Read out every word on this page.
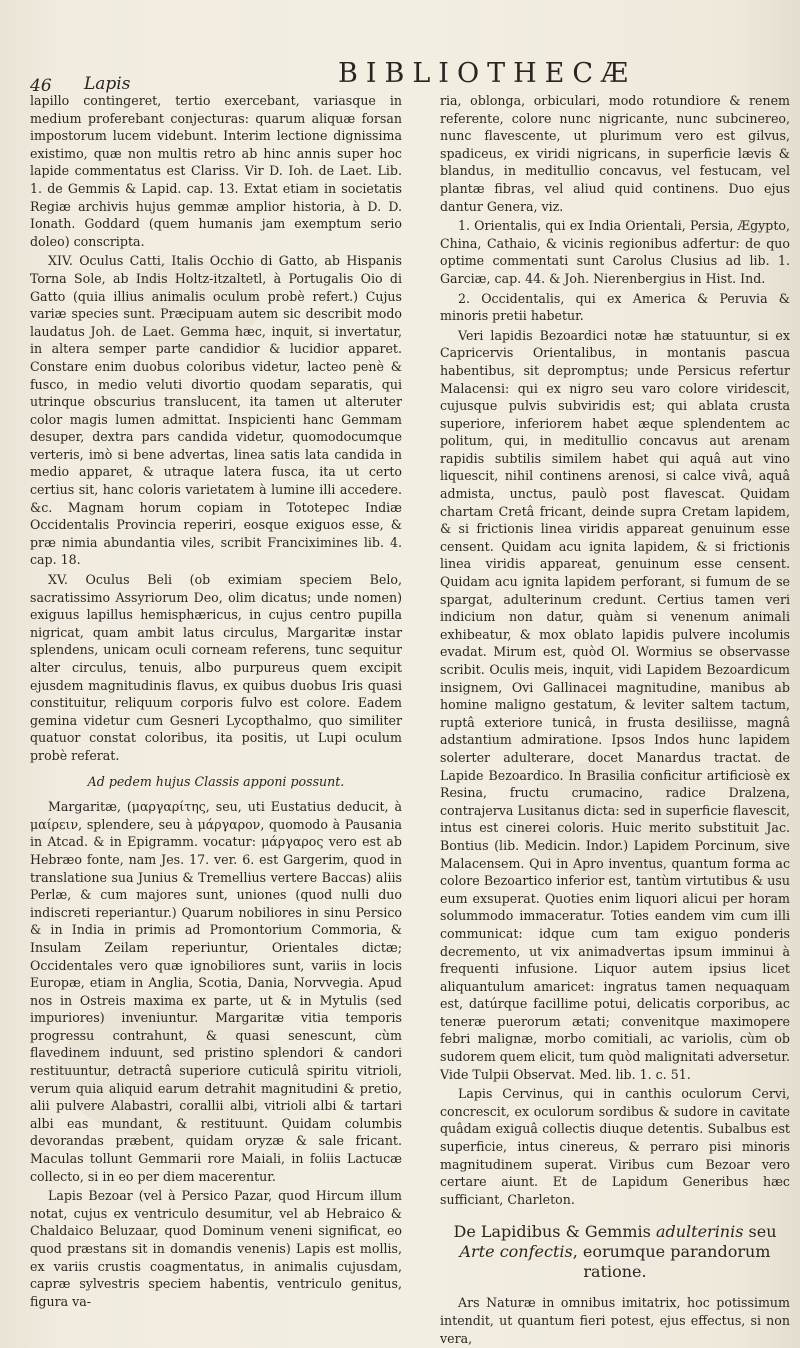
46 Lapis	BIBLIOTHECÆ

lapillo contingeret, tertio exercebant, variasque in medium proferebant conjecturas: quarum aliquæ forsan impostorum lucem videbunt. Interim lectione dignissima existimo, quæ non multis retro ab hinc annis super hoc lapide commentatus est Clariss. Vir D. Ioh. de Laet. Lib. 1. de Gemmis & Lapid. cap. 13. Extat etiam in societatis Regiæ archivis hujus gemmæ amplior historia, à D. D. Ionath. Goddard (quem humanis jam exemptum serio doleo) conscripta.

XIV. Oculus Catti, Italis Occhio di Gatto, ab Hispanis Torna Sole, ab Indis Holtz-itzaltetl, à Portugalis Oio di Gatto (quia illius animalis oculum probè refert.) Cujus variæ species sunt. Præcipuam autem sic describit modo laudatus Joh. de Laet. Gemma hæc, inquit, si invertatur, in altera semper parte candidior & lucidior apparet. Constare enim duobus coloribus videtur, lacteo penè & fusco, in medio veluti divortio quodam separatis, qui utrinque obscurius translucent, ita tamen ut alteruter color magis lumen admittat. Inspicienti hanc Gemmam desuper, dextra pars candida videtur, quomodocumque verteris, imò si bene advertas, linea satis lata candida in medio apparet, & utraque latera fusca, ita ut certo certius sit, hanc coloris varietatem à lumine illi accedere. &c. Magnam horum copiam in Tototepec Indiæ Occidentalis Provincia reperiri, eosque exiguos esse, & præ nimia abundantia viles, scribit Franciximines lib. 4. cap. 18.

XV. Oculus Beli (ob eximiam speciem Belo, sacratissimo Assyriorum Deo, olim dicatus; unde nomen) exiguus lapillus hemisphæricus, in cujus centro pupilla nigricat, quam ambit latus circulus, Margaritæ instar splendens, unicam oculi corneam referens, tunc sequitur alter circulus, tenuis, albo purpureus quem excipit ejusdem magnitudinis flavus, ex quibus duobus Iris quasi constituitur, reliquum corporis fulvo est colore. Eadem gemina videtur cum Gesneri Lycopthalmo, quo similiter quatuor constat coloribus, ita positis, ut Lupi oculum probè referat.

Ad pedem hujus Classis apponi possunt.

Margaritæ, (μαργαρίτης, seu, uti Eustatius deducit, à μαίρειν, splendere, seu à μάργαρον, quomodo à Pausania in Atcad. & in Epigramm. vocatur: μάργαρος vero est ab Hebræo fonte, nam Jes. 17. ver. 6. est Gargerim, quod in translatione sua Junius & Tremellius vertere Baccas) aliis Perlæ, & cum majores sunt, uniones (quod nulli duo indiscreti reperiantur.) Quarum nobiliores in sinu Persico & in India in primis ad Promontorium Commoria, & Insulam Zeilam reperiuntur, Orientales dictæ; Occidentales vero quæ ignobiliores sunt, variis in locis Europæ, etiam in Anglia, Scotia, Dania, Norvvegia. Apud nos in Ostreis maxima ex parte, ut & in Mytulis (sed impuriores) inveniuntur. Margaritæ vitia temporis progressu contrahunt, & quasi senescunt, cùm flavedinem induunt, sed pristino splendori & candori restituuntur, detractâ superiore cuticulâ spiritu vitrioli, verum quia aliquid earum detrahit magnitudini & pretio, alii pulvere Alabastri, corallii albi, vitrioli albi & tartari albi eas mundant, & restituunt. Quidam columbis devorandas præbent, quidam oryzæ & sale fricant. Maculas tollunt Gemmarii rore Maiali, in foliis Lactucæ collecto, si in eo per diem macerentur.

Lapis Bezoar (vel à Persico Pazar, quod Hircum illum notat, cujus ex ventriculo desumitur, vel ab Hebraico & Chaldaico Beluzaar, quod Dominum veneni significat, eo quod præstans sit in domandis venenis) Lapis est mollis, ex variis crustis coagmentatus, in animalis cujusdam, capræ sylvestris speciem habentis, ventriculo genitus, figura va-

ria, oblonga, orbiculari, modo rotundiore & renem referente, colore nunc nigricante, nunc subcinereo, nunc flavescente, ut plurimum vero est gilvus, spadiceus, ex viridi nigricans, in superficie lævis & blandus, in meditullio concavus, vel festucam, vel plantæ fibras, vel aliud quid continens. Duo ejus dantur Genera, viz.

1. Orientalis, qui ex India Orientali, Persia, Ægypto, China, Cathaio, & vicinis regionibus adfertur: de quo optime commentati sunt Carolus Clusius ad lib. 1. Garciæ, cap. 44. & Joh. Nierenbergius in Hist. Ind.

2. Occidentalis, qui ex America & Peruvia & minoris pretii habetur.

Veri lapidis Bezoardici notæ hæ statuuntur, si ex Capricervis Orientalibus, in montanis pascua habentibus, sit depromptus; unde Persicus refertur Malacensi: qui ex nigro seu varo colore viridescit, cujusque pulvis subviridis est; qui ablata crusta superiore, inferiorem habet æque splendentem ac politum, qui, in meditullio concavus aut arenam rapidis subtilis similem habet qui aquâ aut vino liquescit, nihil continens arenosi, si calce vivâ, aquâ admista, unctus, paulò post flavescat. Quidam chartam Cretâ fricant, deinde supra Cretam lapidem, & si frictionis linea viridis appareat genuinum esse censent. Quidam acu ignita lapidem, & si frictionis linea viridis appareat, genuinum esse censent. Quidam acu ignita lapidem perforant, si fumum de se spargat, adulterinum credunt. Certius tamen veri indicium non datur, quàm si venenum animali exhibeatur, & mox oblato lapidis pulvere incolumis evadat. Mirum est, quòd Ol. Wormius se observasse scribit. Oculis meis, inquit, vidi Lapidem Bezoardicum insignem, Ovi Gallinacei magnitudine, manibus ab homine maligno gestatum, & leviter saltem tactum, ruptâ exteriore tunicâ, in frusta desiliisse, magnâ adstantium admiratione. Ipsos Indos hunc lapidem solerter adulterare, docet Manardus tractat. de Lapide Bezoardico. In Brasilia conficitur artificiosè ex Resina, fructu crumacino, radice Dralzena, contrajerva Lusitanus dicta: sed in superficie flavescit, intus est cinerei coloris. Huic merito substituit Jac. Bontius (lib. Medicin. Indor.) Lapidem Porcinum, sive Malacensem. Qui in Apro inventus, quantum forma ac colore Bezoartico inferior est, tantùm virtutibus & usu eum exsuperat. Quoties enim liquori alicui per horam solummodo immaceratur. Toties eandem vim cum illi communicat: idque cum tam exiguo ponderis decremento, ut vix animadvertas ipsum imminui à frequenti infusione. Liquor autem ipsius licet aliquantulum amaricet: ingratus tamen nequaquam est, datúrque facillime potui, delicatis corporibus, ac teneræ puerorum ætati; convenitque maximopere febri malignæ, morbo comitiali, ac variolis, cùm ob sudorem quem elicit, tum quòd malignitati adversetur. Vide Tulpii Observat. Med. lib. 1. c. 51.

Lapis Cervinus, qui in canthis oculorum Cervi, concrescit, ex oculorum sordibus & sudore in cavitate quâdam exiguâ collectis diuque detentis. Subalbus est superficie, intus cinereus, & perraro pisi minoris magnitudinem superat. Viribus cum Bezoar vero certare aiunt. Et de Lapidum Generibus hæc sufficiant, Charleton.

De Lapidibus & Gemmis adulterinis seu
Arte confectis, eorumque parandorum ratione.

Ars Naturæ in omnibus imitatrix, hoc potissimum intendit, ut quantum fieri potest, ejus effectus, si non vera,
